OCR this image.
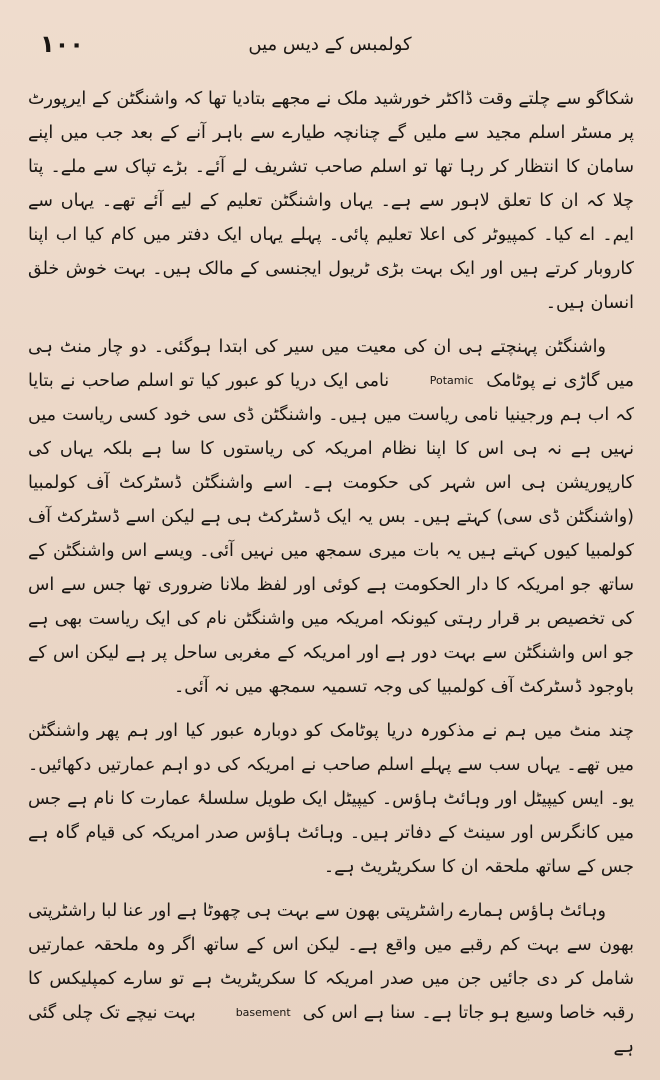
۱۰۰	کولمبس کے دیس میں

شکاگو سے چلتے وقت ڈاکٹر خورشید ملک نے مجھے بتادیا تھا کہ واشنگٹن کے ایرپورٹ پر مسٹر اسلم مجید سے ملیں گے چنانچہ طیارے سے باہر آنے کے بعد جب میں اپنے سامان کا انتظار کر رہا تھا تو اسلم صاحب تشریف لے آئے۔ بڑے تپاک سے ملے۔ پتا چلا کہ ان کا تعلق لاہور سے ہے۔ یہاں واشنگٹن تعلیم کے لیے آئے تھے۔ یہاں سے ایم۔ اے کیا۔ کمپیوٹر کی اعلا تعلیم پائی۔ پہلے یہاں ایک دفتر میں کام کیا اب اپنا کاروبار کرتے ہیں اور ایک بہت بڑی ٹریول ایجنسی کے مالک ہیں۔ بہت خوش خلق انسان ہیں۔

واشنگٹن پہنچتے ہی ان کی معیت میں سیر کی ابتدا ہوگئی۔ دو چار منٹ ہی میں گاڑی نے پوٹامک Potamic نامی ایک دریا کو عبور کیا تو اسلم صاحب نے بتایا کہ اب ہم ورجینیا نامی ریاست میں ہیں۔ واشنگٹن ڈی سی خود کسی ریاست میں نہیں ہے نہ ہی اس کا اپنا نظام امریکہ کی ریاستوں کا سا ہے بلکہ یہاں کی کارپوریشن ہی اس شہر کی حکومت ہے۔ اسے واشنگٹن ڈسٹرکٹ آف کولمبیا (واشنگٹن ڈی سی) کہتے ہیں۔ بس یہ ایک ڈسٹرکٹ ہی ہے لیکن اسے ڈسٹرکٹ آف کولمبیا کیوں کہتے ہیں یہ بات میری سمجھ میں نہیں آئی۔ ویسے اس واشنگٹن کے ساتھ جو امریکہ کا دار الحکومت ہے کوئی اور لفظ ملانا ضروری تھا جس سے اس کی تخصیص بر قرار رہتی کیونکہ امریکہ میں واشنگٹن نام کی ایک ریاست بھی ہے جو اس واشنگٹن سے بہت دور ہے اور امریکہ کے مغربی ساحل پر ہے لیکن اس کے باوجود ڈسٹرکٹ آف کولمبیا کی وجہ تسمیہ سمجھ میں نہ آئی۔

چند منٹ میں ہم نے مذکورہ دریا پوٹامک کو دوبارہ عبور کیا اور ہم پھر واشنگٹن میں تھے۔ یہاں سب سے پہلے اسلم صاحب نے امریکہ کی دو اہم عمارتیں دکھائیں۔ یو۔ ایس کیپیٹل اور وہائٹ ہاؤس۔ کیپیٹل ایک طویل سلسلۂ عمارت کا نام ہے جس میں کانگرس اور سینٹ کے دفاتر ہیں۔ وہائٹ ہاؤس صدر امریکہ کی قیام گاہ ہے جس کے ساتھ ملحقہ ان کا سکریٹریٹ ہے۔

وہائٹ ہاؤس ہمارے راشٹرپتی بھون سے بہت ہی چھوٹا ہے اور عنا لبا راشٹرپتی بھون سے بہت کم رقبے میں واقع ہے۔ لیکن اس کے ساتھ اگر وہ ملحقہ عمارتیں شامل کر دی جائیں جن میں صدر امریکہ کا سکریٹریٹ ہے تو سارے کمپلیکس کا رقبہ خاصا وسیع ہو جاتا ہے۔ سنا ہے اس کی basement بہت نیچے تک چلی گئی ہے
